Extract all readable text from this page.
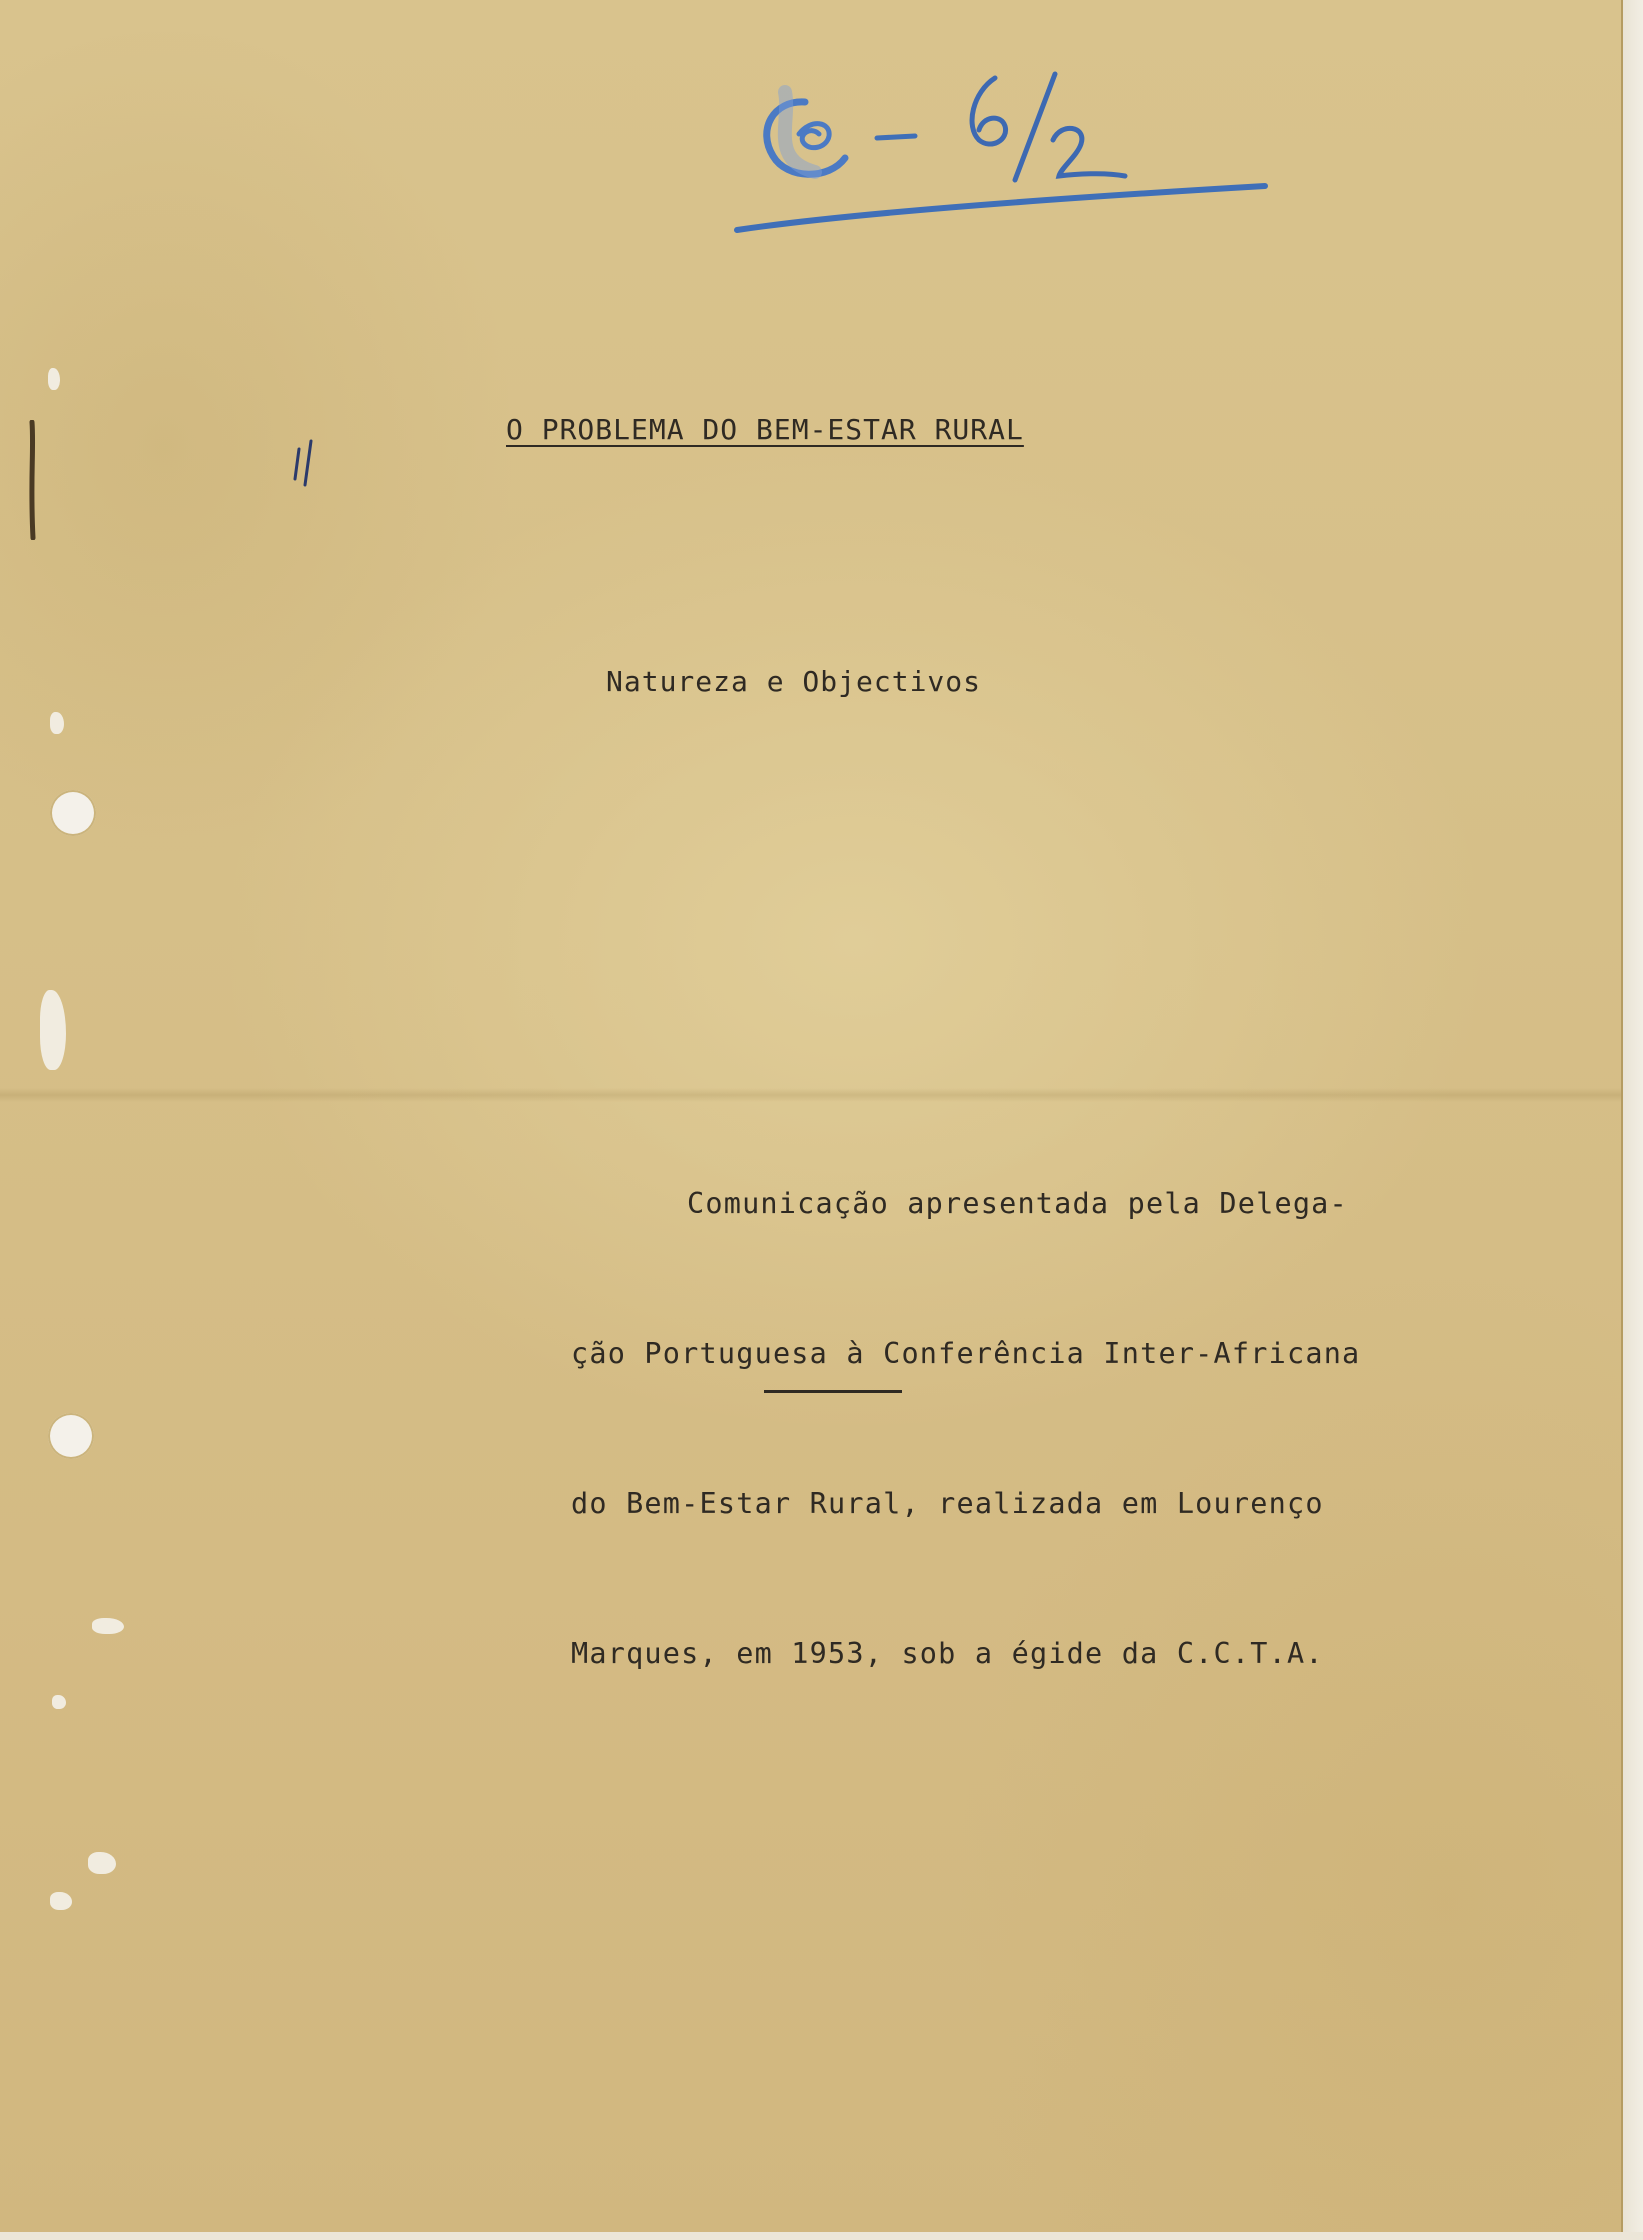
O PROBLEMA DO BEM-ESTAR RURAL
Natureza e Objectivos

Comunicação apresentada pela Delega-

ção Portuguesa à Conferência Inter-Africana

do Bem-Estar Rural, realizada em Lourenço

Marques, em 1953, sob a égide da C.C.T.A.
